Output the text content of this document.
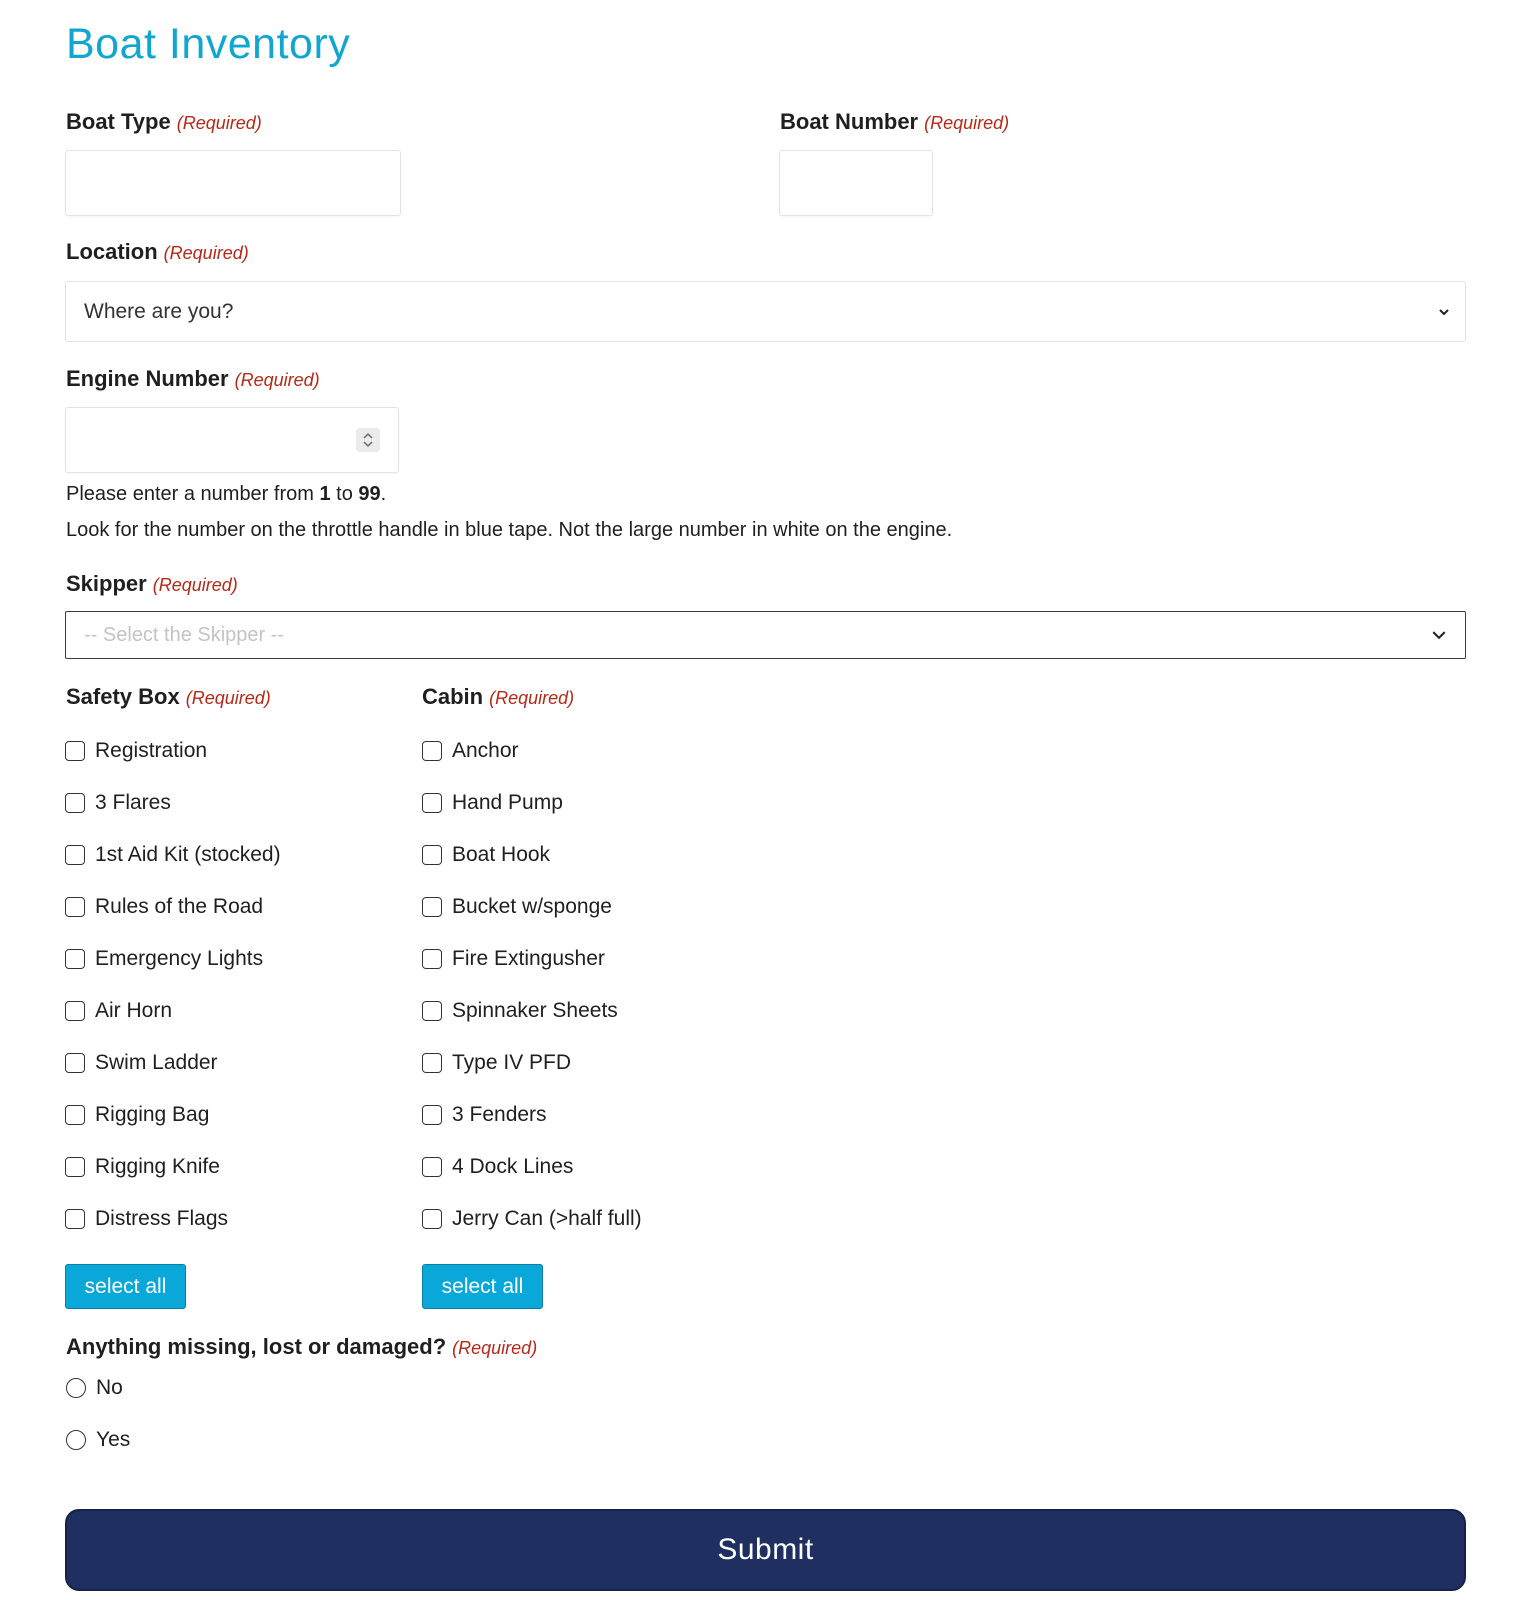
Boat Inventory
Boat Type (Required)	Boat Number (Required)
Location (Required)
Where are you?
Engine Number (Required)
Please enter a number from 1 to 99.
Look for the number on the throttle handle in blue tape. Not the large number in white on the engine.
Skipper (Required)
-- Select the Skipper --
Safety Box (Required)
Registration
3 Flares
1st Aid Kit (stocked)
Rules of the Road
Emergency Lights
Air Horn
Swim Ladder
Rigging Bag
Rigging Knife
Distress Flags
select all
Cabin (Required)
Anchor
Hand Pump
Boat Hook
Bucket w/sponge
Fire Extingusher
Spinnaker Sheets
Type IV PFD
3 Fenders
4 Dock Lines
Jerry Can (>half full)
select all
Anything missing, lost or damaged? (Required)
No
Yes
Submit
